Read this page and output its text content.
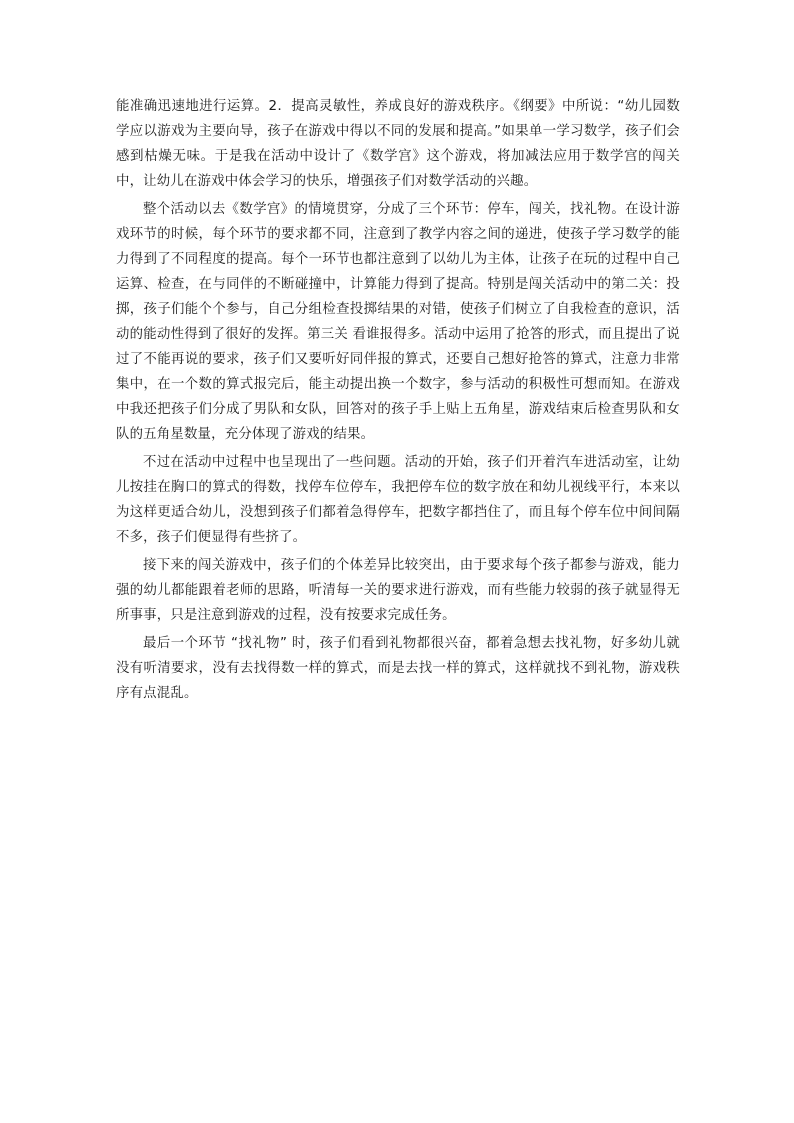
能准确迅速地进行运算。2．提高灵敏性，养成良好的游戏秩序。《纲要》中所说：“幼儿园数学应以游戏为主要向导，孩子在游戏中得以不同的发展和提高。”如果单一学习数学，孩子们会感到枯燥无味。于是我在活动中设计了《数学宫》这个游戏，将加减法应用于数学宫的闯关中，让幼儿在游戏中体会学习的快乐，增强孩子们对数学活动的兴趣。

整个活动以去《数学宫》的情境贯穿，分成了三个环节：停车，闯关，找礼物。在设计游戏环节的时候，每个环节的要求都不同，注意到了教学内容之间的递进，使孩子学习数学的能力得到了不同程度的提高。每个一环节也都注意到了以幼儿为主体，让孩子在玩的过程中自己运算、检查，在与同伴的不断碰撞中，计算能力得到了提高。特别是闯关活动中的第二关：投掷，孩子们能个个参与，自己分组检查投掷结果的对错，使孩子们树立了自我检查的意识，活动的能动性得到了很好的发挥。第三关 看谁报得多。活动中运用了抢答的形式，而且提出了说过了不能再说的要求，孩子们又要听好同伴报的算式，还要自己想好抢答的算式，注意力非常集中，在一个数的算式报完后，能主动提出换一个数字，参与活动的积极性可想而知。在游戏中我还把孩子们分成了男队和女队，回答对的孩子手上贴上五角星，游戏结束后检查男队和女队的五角星数量，充分体现了游戏的结果。

不过在活动中过程中也呈现出了一些问题。活动的开始，孩子们开着汽车进活动室，让幼儿按挂在胸口的算式的得数，找停车位停车，我把停车位的数字放在和幼儿视线平行，本来以为这样更适合幼儿，没想到孩子们都着急得停车，把数字都挡住了，而且每个停车位中间间隔不多，孩子们便显得有些挤了。

接下来的闯关游戏中，孩子们的个体差异比较突出，由于要求每个孩子都参与游戏，能力强的幼儿都能跟着老师的思路，听清每一关的要求进行游戏，而有些能力较弱的孩子就显得无所事事，只是注意到游戏的过程，没有按要求完成任务。

最后一个环节 “找礼物” 时，孩子们看到礼物都很兴奋，都着急想去找礼物，好多幼儿就没有听清要求，没有去找得数一样的算式，而是去找一样的算式，这样就找不到礼物，游戏秩序有点混乱。
